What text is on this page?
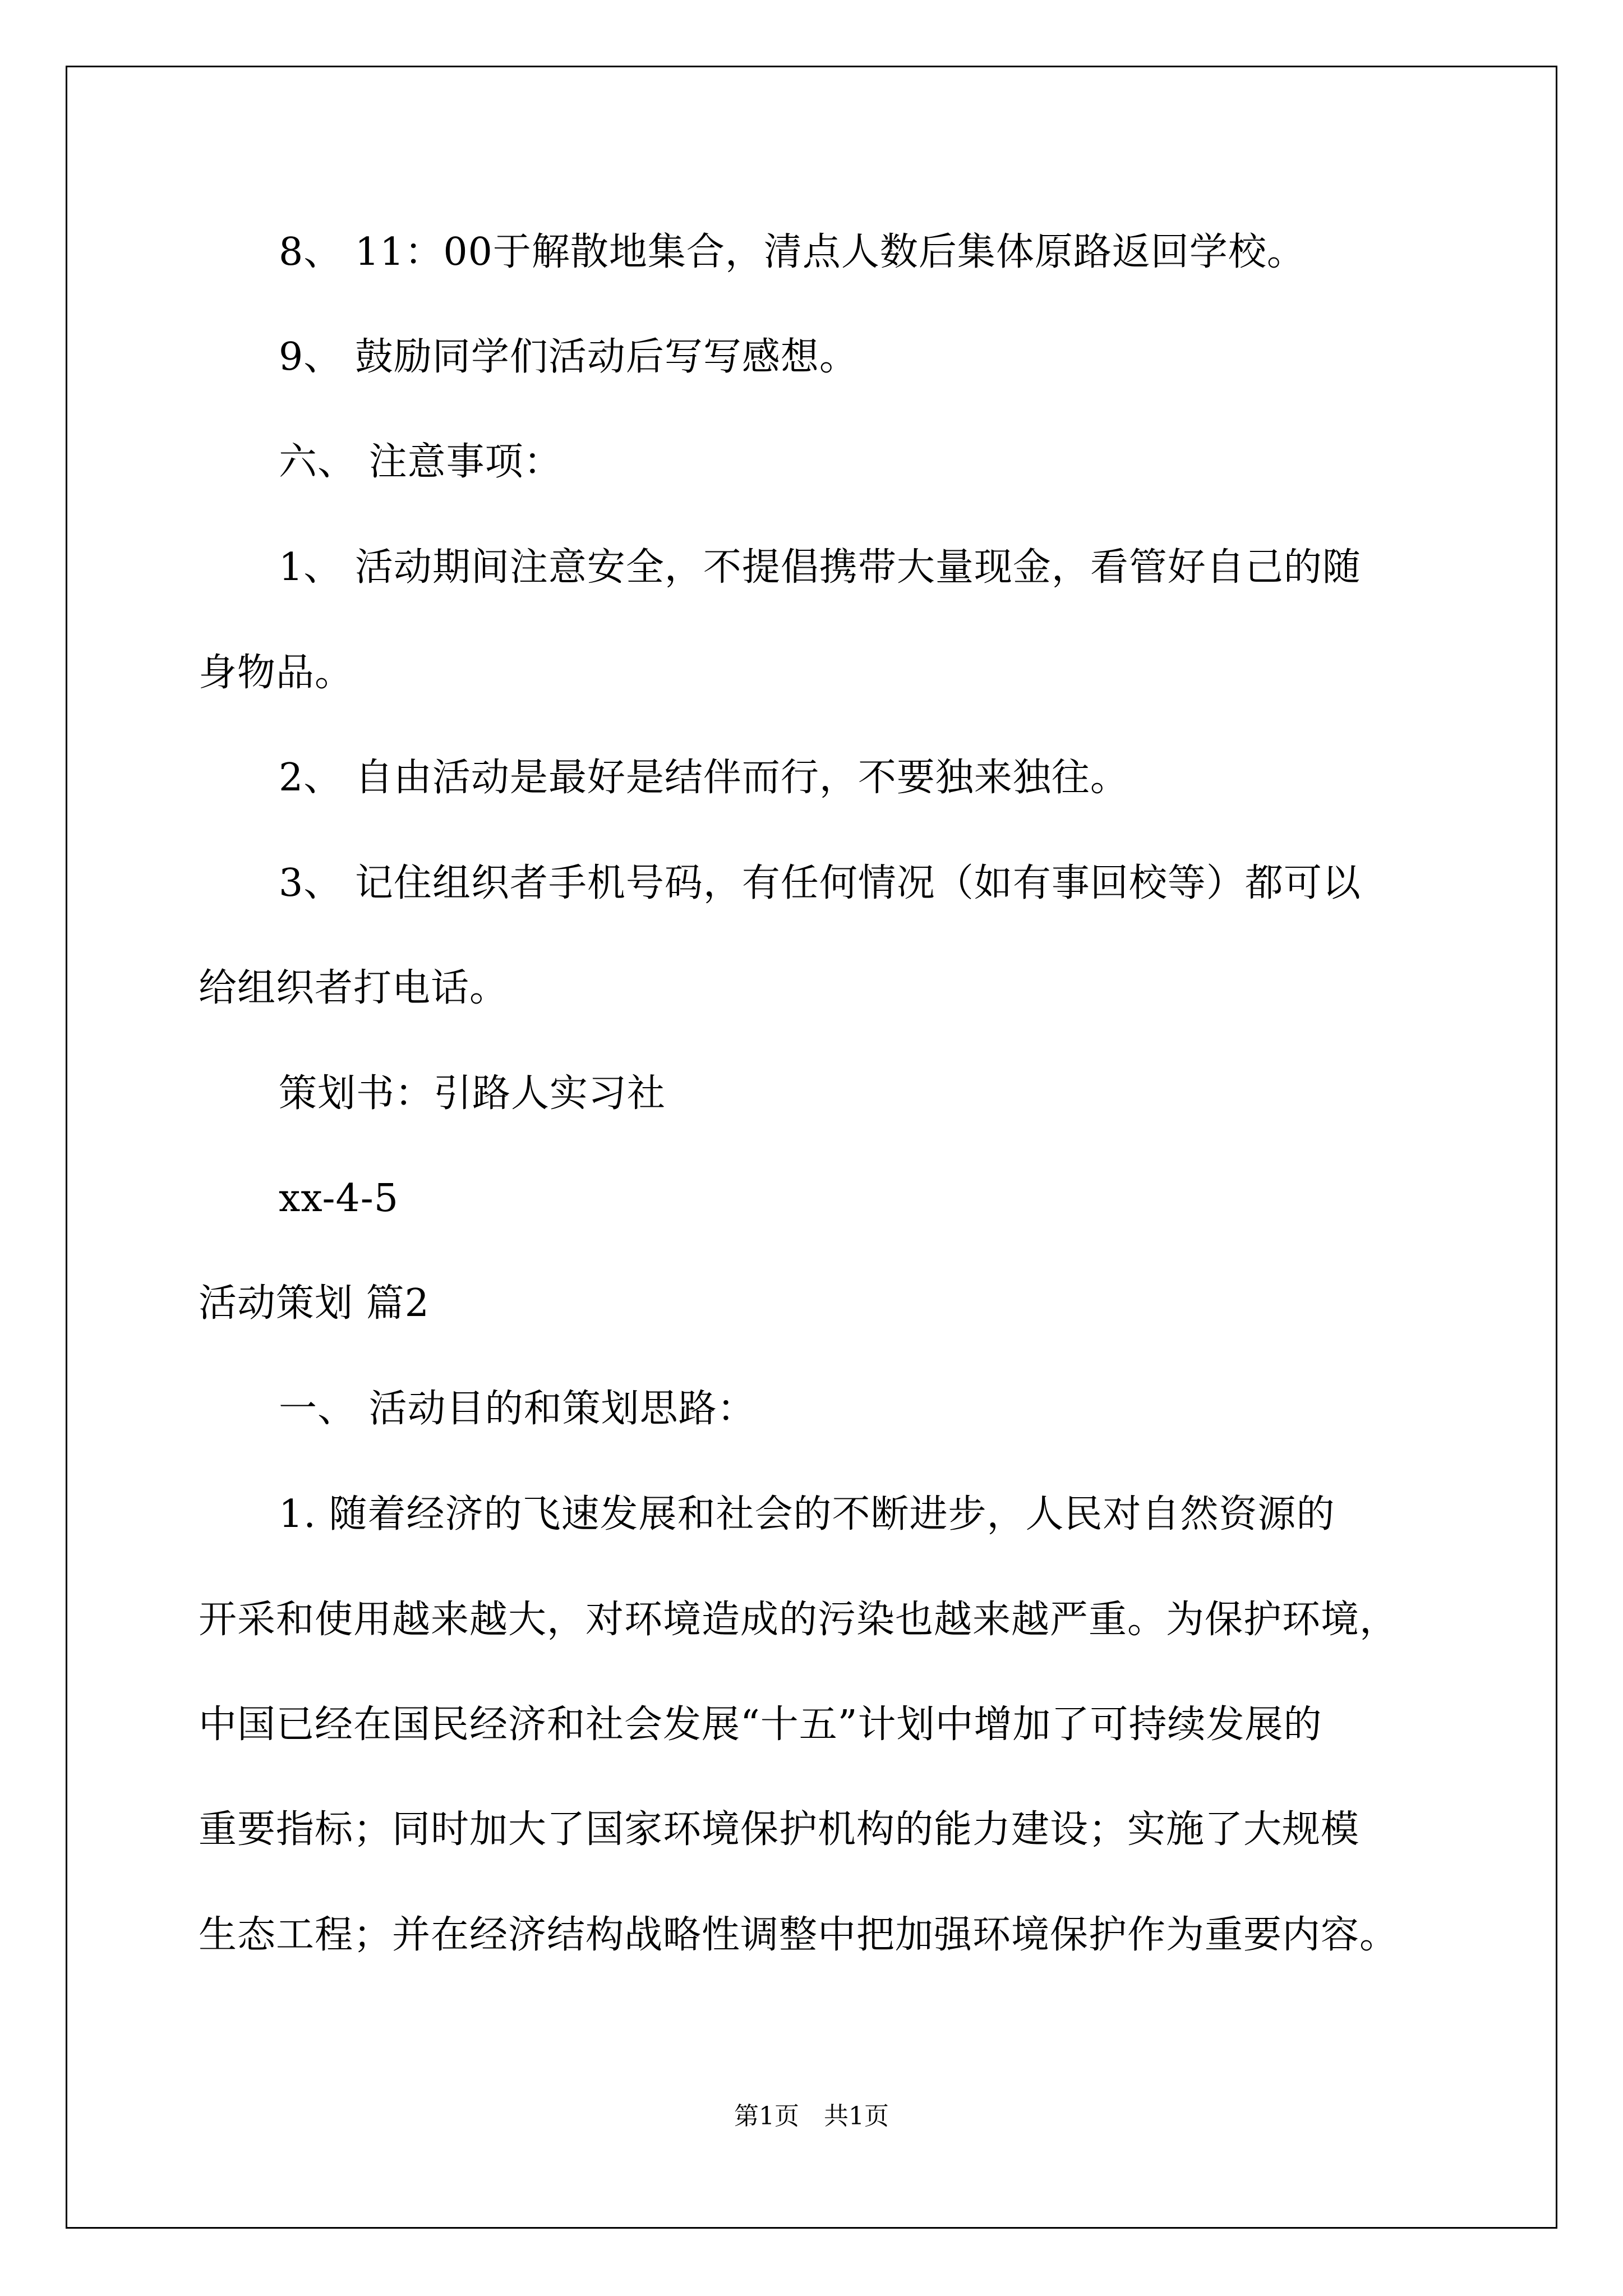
8、 11：00于解散地集合，清点人数后集体原路返回学校。
9、 鼓励同学们活动后写写感想。
六、 注意事项：
1、 活动期间注意安全，不提倡携带大量现金，看管好自己的随
身物品。
2、 自由活动是最好是结伴而行，不要独来独往。
3、 记住组织者手机号码，有任何情况（如有事回校等）都可以
给组织者打电话。
策划书：引路人实习社
xx-4-5
活动策划 篇2
一、 活动目的和策划思路：
1. 随着经济的飞速发展和社会的不断进步，人民对自然资源的
开采和使用越来越大，对环境造成的污染也越来越严重。为保护环境，
中国已经在国民经济和社会发展“十五”计划中增加了可持续发展的
重要指标；同时加大了国家环境保护机构的能力建设；实施了大规模
生态工程；并在经济结构战略性调整中把加强环境保护作为重要内容。
第1页　共1页
